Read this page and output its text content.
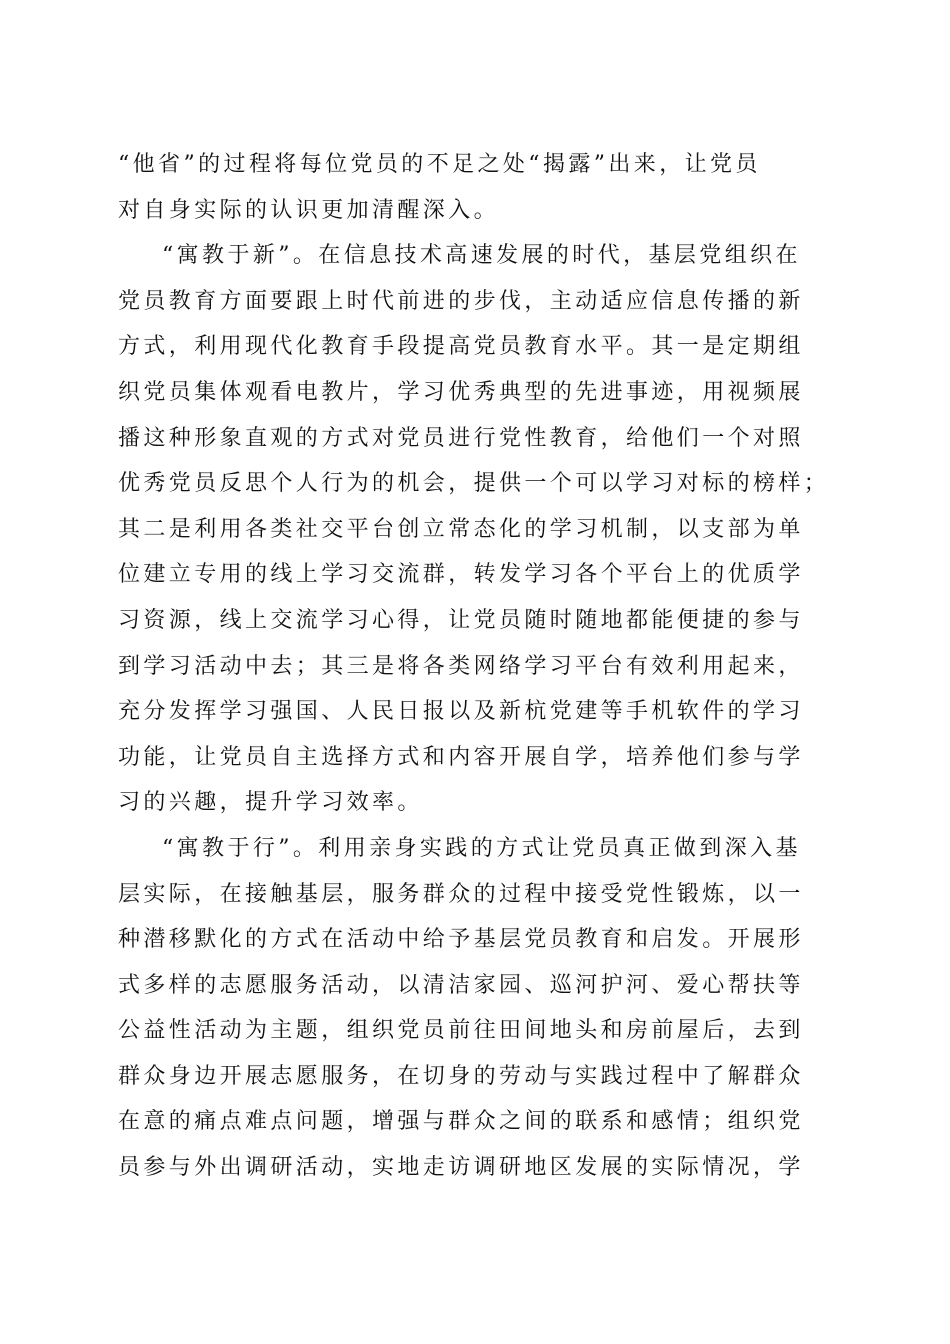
“他省”的过程将每位党员的不足之处“揭露”出来，让党员
对自身实际的认识更加清醒深入。
“寓教于新”。在信息技术高速发展的时代，基层党组织在
党员教育方面要跟上时代前进的步伐，主动适应信息传播的新
方式，利用现代化教育手段提高党员教育水平。其一是定期组
织党员集体观看电教片，学习优秀典型的先进事迹，用视频展
播这种形象直观的方式对党员进行党性教育，给他们一个对照
优秀党员反思个人行为的机会，提供一个可以学习对标的榜样；
其二是利用各类社交平台创立常态化的学习机制，以支部为单
位建立专用的线上学习交流群，转发学习各个平台上的优质学
习资源，线上交流学习心得，让党员随时随地都能便捷的参与
到学习活动中去；其三是将各类网络学习平台有效利用起来，
充分发挥学习强国、人民日报以及新杭党建等手机软件的学习
功能，让党员自主选择方式和内容开展自学，培养他们参与学
习的兴趣，提升学习效率。
“寓教于行”。利用亲身实践的方式让党员真正做到深入基
层实际，在接触基层，服务群众的过程中接受党性锻炼，以一
种潜移默化的方式在活动中给予基层党员教育和启发。开展形
式多样的志愿服务活动，以清洁家园、巡河护河、爱心帮扶等
公益性活动为主题，组织党员前往田间地头和房前屋后，去到
群众身边开展志愿服务，在切身的劳动与实践过程中了解群众
在意的痛点难点问题，增强与群众之间的联系和感情；组织党
员参与外出调研活动，实地走访调研地区发展的实际情况，学
